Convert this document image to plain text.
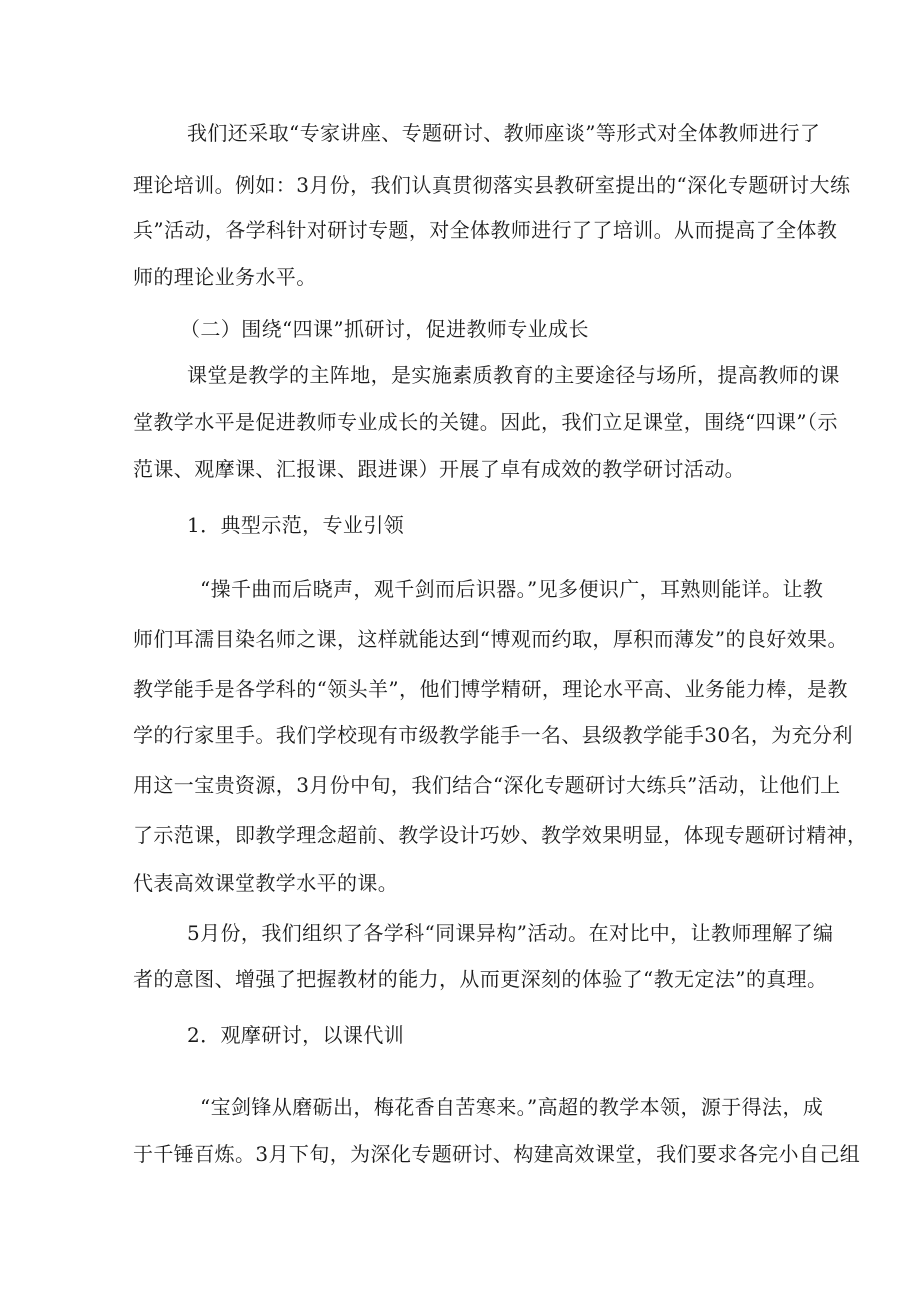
我们还采取“专家讲座、专题研讨、教师座谈”等形式对全体教师进行了
理论培训。例如：3月份，我们认真贯彻落实县教研室提出的“深化专题研讨大练
兵”活动，各学科针对研讨专题，对全体教师进行了了培训。从而提高了全体教
师的理论业务水平。
（二）围绕“四课”抓研讨，促进教师专业成长
课堂是教学的主阵地，是实施素质教育的主要途径与场所，提高教师的课
堂教学水平是促进教师专业成长的关键。因此，我们立足课堂，围绕“四课”（示
范课、观摩课、汇报课、跟进课）开展了卓有成效的教学研讨活动。
1．典型示范，专业引领
“操千曲而后晓声，观千剑而后识器。”见多便识广，耳熟则能详。让教
师们耳濡目染名师之课，这样就能达到“博观而约取，厚积而薄发”的良好效果。
教学能手是各学科的“领头羊”，他们博学精研，理论水平高、业务能力棒，是教
学的行家里手。我们学校现有市级教学能手一名、县级教学能手30名，为充分利
用这一宝贵资源，3月份中旬，我们结合“深化专题研讨大练兵”活动，让他们上
了示范课，即教学理念超前、教学设计巧妙、教学效果明显，体现专题研讨精神，
代表高效课堂教学水平的课。
5月份，我们组织了各学科“同课异构”活动。在对比中，让教师理解了编
者的意图、增强了把握教材的能力，从而更深刻的体验了“教无定法”的真理。
2．观摩研讨，以课代训
“宝剑锋从磨砺出，梅花香自苦寒来。”高超的教学本领，源于得法，成
于千锤百炼。3月下旬，为深化专题研讨、构建高效课堂，我们要求各完小自己组
